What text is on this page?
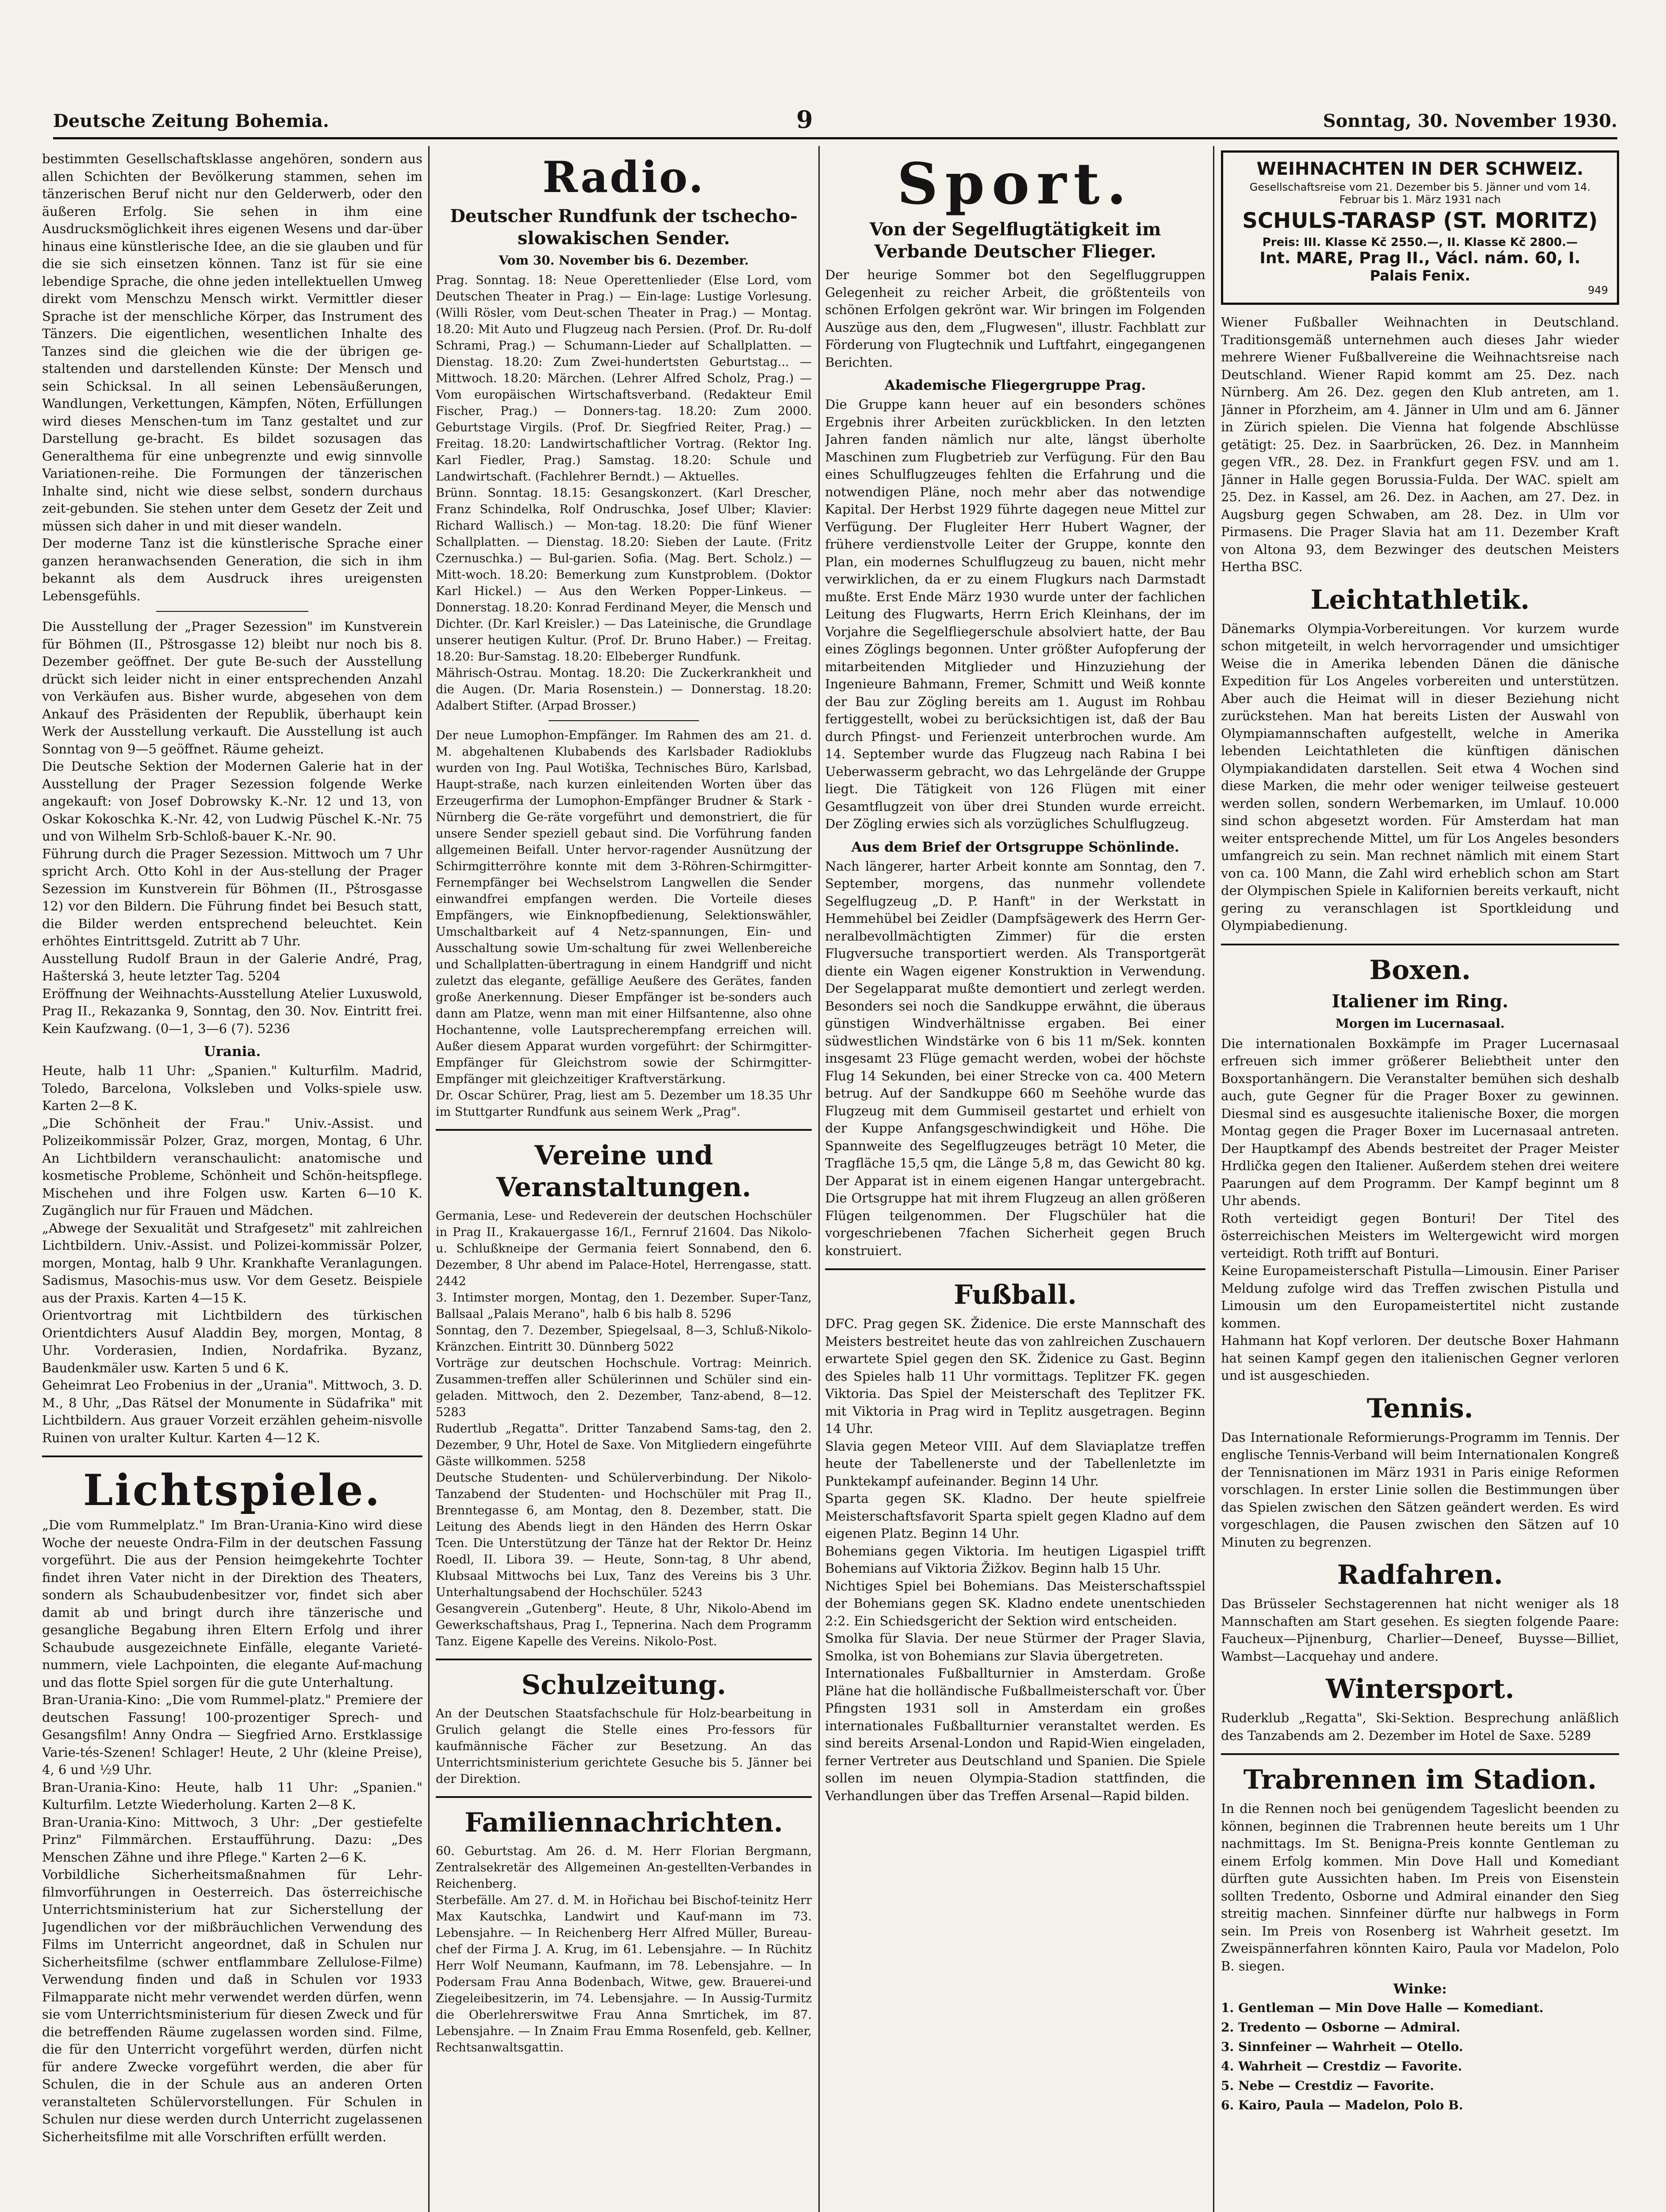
Deutsche Zeitung Bohemia.	9	Sonntag, 30. November 1930.

bestimmten Gesellschaftsklasse angehören, sondern aus allen Schichten der Bevölkerung stammen, sehen im tänzerischen Beruf nicht nur den Gelderwerb, oder den äußeren Erfolg. Sie sehen in ihm eine Ausdrucksmöglichkeit ihres eigenen Wesens und dar-über hinaus eine künstlerische Idee, an die sie glauben und für die sie sich einsetzen können. Tanz ist für sie eine lebendige Sprache, die ohne jeden intellektuellen Umweg direkt vom Menschzu Mensch wirkt. Vermittler dieser Sprache ist der menschliche Körper, das Instrument des Tänzers. Die eigentlichen, wesentlichen Inhalte des Tanzes sind die gleichen wie die der übrigen ge-staltenden und darstellenden Künste: Der Mensch und sein Schicksal. In all seinen Lebensäußerungen, Wandlungen, Verkettungen, Kämpfen, Nöten, Erfüllungen wird dieses Menschen-tum im Tanz gestaltet und zur Darstellung ge-bracht. Es bildet sozusagen das Generalthema für eine unbegrenzte und ewig sinnvolle Variationen-reihe. Die Formungen der tänzerischen Inhalte sind, nicht wie diese selbst, sondern durchaus zeit-gebunden. Sie stehen unter dem Gesetz der Zeit und müssen sich daher in und mit dieser wandeln.

Der moderne Tanz ist die künstlerische Sprache einer ganzen heranwachsenden Generation, die sich in ihm bekannt als dem Ausdruck ihres ureigensten Lebensgefühls.

Die Ausstellung der „Prager Sezession" im Kunstverein für Böhmen (II., Pštrosgasse 12) bleibt nur noch bis 8. Dezember geöffnet. Der gute Be-such der Ausstellung drückt sich leider nicht in einer entsprechenden Anzahl von Verkäufen aus. Bisher wurde, abgesehen von dem Ankauf des Präsidenten der Republik, überhaupt kein Werk der Ausstellung verkauft. Die Ausstellung ist auch Sonntag von 9—5 geöffnet. Räume geheizt.

Die Deutsche Sektion der Modernen Galerie hat in der Ausstellung der Prager Sezession folgende Werke angekauft: von Josef Dobrowsky K.-Nr. 12 und 13, von Oskar Kokoschka K.-Nr. 42, von Ludwig Püschel K.-Nr. 75 und von Wilhelm Srb-Schloß-bauer K.-Nr. 90.

Führung durch die Prager Sezession. Mittwoch um 7 Uhr spricht Arch. Otto Kohl in der Aus-stellung der Prager Sezession im Kunstverein für Böhmen (II., Pštrosgasse 12) vor den Bildern. Die Führung findet bei Besuch statt, die Bilder werden entsprechend beleuchtet. Kein erhöhtes Eintrittsgeld. Zutritt ab 7 Uhr.

Ausstellung Rudolf Braun in der Galerie André, Prag, Hašterská 3, heute letzter Tag. 5204

Eröffnung der Weihnachts-Ausstellung Atelier Luxuswold, Prag II., Rekazanka 9, Sonntag, den 30. Nov. Eintritt frei. Kein Kaufzwang. (0—1, 3—6 (7). 5236

Urania.

Heute, halb 11 Uhr: „Spanien." Kulturfilm. Madrid, Toledo, Barcelona, Volksleben und Volks-spiele usw. Karten 2—8 K.
„Die Schönheit der Frau." Univ.-Assist. und Polizeikommissär Polzer, Graz, morgen, Montag, 6 Uhr. An Lichtbildern veranschaulicht: anatomische und kosmetische Probleme, Schönheit und Schön-heitspflege. Mischehen und ihre Folgen usw. Karten 6—10 K. Zugänglich nur für Frauen und Mädchen.
„Abwege der Sexualität und Strafgesetz" mit zahlreichen Lichtbildern. Univ.-Assist. und Polizei-kommissär Polzer, morgen, Montag, halb 9 Uhr. Krankhafte Veranlagungen. Sadismus, Masochis-mus usw. Vor dem Gesetz. Beispiele aus der Praxis. Karten 4—15 K.
Orientvortrag mit Lichtbildern des türkischen Orientdichters Ausuf Aladdin Bey, morgen, Montag, 8 Uhr. Vorderasien, Indien, Nordafrika. Byzanz, Baudenkmäler usw. Karten 5 und 6 K.
Geheimrat Leo Frobenius in der „Urania". Mittwoch, 3. D. M., 8 Uhr, „Das Rätsel der Monumente in Südafrika" mit Lichtbildern. Aus grauer Vorzeit erzählen geheim-nisvolle Ruinen von uralter Kultur. Karten 4—12 K.

Lichtspiele.

„Die vom Rummelplatz." Im Bran-Urania-Kino wird diese Woche der neueste Ondra-Film in der deutschen Fassung vorgeführt. Die aus der Pension heimgekehrte Tochter findet ihren Vater nicht in der Direktion des Theaters, sondern als Schaubudenbesitzer vor, findet sich aber damit ab und bringt durch ihre tänzerische und gesangliche Begabung ihren Eltern Erfolg und ihrer Schaubude ausgezeichnete Einfälle, elegante Varieté-nummern, viele Lachpointen, die elegante Auf-machung und das flotte Spiel sorgen für die gute Unterhaltung.
Bran-Urania-Kino: „Die vom Rummel-platz." Premiere der deutschen Fassung! 100-prozentiger Sprech- und Gesangsfilm! Anny Ondra — Siegfried Arno. Erstklassige Varie-tés-Szenen! Schlager! Heute, 2 Uhr (kleine Preise), 4, 6 und ½9 Uhr.
Bran-Urania-Kino: Heute, halb 11 Uhr: „Spanien." Kulturfilm. Letzte Wiederholung. Karten 2—8 K.
Bran-Urania-Kino: Mittwoch, 3 Uhr: „Der gestiefelte Prinz" Filmmärchen. Erstaufführung. Dazu: „Des Menschen Zähne und ihre Pflege." Karten 2—6 K.
Vorbildliche Sicherheitsmaßnahmen für Lehr-filmvorführungen in Oesterreich. Das österreichische Unterrichtsministerium hat zur Sicherstellung der Jugendlichen vor der mißbräuchlichen Verwendung des Films im Unterricht angeordnet, daß in Schulen nur Sicherheitsfilme (schwer entflammbare Zellulose-Filme) Verwendung finden und daß in Schulen vor 1933 Filmapparate nicht mehr verwendet werden dürfen, wenn sie vom Unterrichtsministerium für diesen Zweck und für die betreffenden Räume zugelassen worden sind. Filme, die für den Unterricht vorgeführt werden, dürfen nicht für andere Zwecke vorgeführt werden, die aber für Schulen, die in der Schule aus an anderen Orten veranstalteten Schülervorstellungen. Für Schulen in Schulen nur diese werden durch Unterricht zugelassenen Sicherheitsfilme mit alle Vorschriften erfüllt werden.

Radio.
Deutscher Rundfunk der tschecho-slowakischen Sender.
Vom 30. November bis 6. Dezember.

Prag. Sonntag. 18: Neue Operettenlieder (Else Lord, vom Deutschen Theater in Prag.) — Ein-lage: Lustige Vorlesung. (Willi Rösler, vom Deut-schen Theater in Prag.) — Montag. 18.20: Mit Auto und Flugzeug nach Persien. (Prof. Dr. Ru-dolf Schrami, Prag.) — Schumann-Lieder auf Schallplatten. — Dienstag. 18.20: Zum Zwei-hundertsten Geburtstag... — Mittwoch. 18.20: Märchen. (Lehrer Alfred Scholz, Prag.) — Vom europäischen Wirtschaftsverband. (Redakteur Emil Fischer, Prag.) — Donners-tag. 18.20: Zum 2000. Geburtstage Virgils. (Prof. Dr. Siegfried Reiter, Prag.) — Freitag. 18.20: Landwirtschaftlicher Vortrag. (Rektor Ing. Karl Fiedler, Prag.) Samstag. 18.20: Schule und Landwirtschaft. (Fachlehrer Berndt.) — Aktuelles.

Brünn. Sonntag. 18.15: Gesangskonzert. (Karl Drescher, Franz Schindelka, Rolf Ondruschka, Josef Ulber; Klavier: Richard Wallisch.) — Mon-tag. 18.20: Die fünf Wiener Schallplatten. — Dienstag. 18.20: Sieben der Laute. (Fritz Czernuschka.) — Bul-garien. Sofia. (Mag. Bert. Scholz.) — Mitt-woch. 18.20: Bemerkung zum Kunstproblem. (Doktor Karl Hickel.) — Aus den Werken Popper-Linkeus. — Donnerstag. 18.20: Konrad Ferdinand Meyer, die Mensch und Dichter. (Dr. Karl Kreisler.) — Das Lateinische, die Grundlage unserer heutigen Kultur. (Prof. Dr. Bruno Haber.) — Freitag. 18.20: Bur-Samstag. 18.20: Elbeberger Rundfunk.

Mährisch-Ostrau. Montag. 18.20: Die Zuckerkrankheit und die Augen. (Dr. Maria Rosenstein.) — Donnerstag. 18.20: Adalbert Stifter. (Arpad Brosser.)

Der neue Lumophon-Empfänger. Im Rahmen des am 21. d. M. abgehaltenen Klubabends des Karlsbader Radioklubs wurden von Ing. Paul Wotiška, Technisches Büro, Karlsbad, Haupt-straße, nach kurzen einleitenden Worten über das Erzeugerfirma der Lumophon-Empfänger Brudner & Stark - Nürnberg die Ge-räte vorgeführt und demonstriert, die für unsere Sender speziell gebaut sind. Die Vorführung fanden allgemeinen Beifall. Unter hervor-ragender Ausnützung der Schirmgitterröhre konnte mit dem 3-Röhren-Schirmgitter-Fernempfänger bei Wechselstrom Langwellen die Sender einwandfrei empfangen werden. Die Vorteile dieses Empfängers, wie Einknopfbedienung, Selektionswähler, Umschaltbarkeit auf 4 Netz-spannungen, Ein- und Ausschaltung sowie Um-schaltung für zwei Wellenbereiche und Schallplatten-übertragung in einem Handgriff und nicht zuletzt das elegante, gefällige Aeußere des Gerätes, fanden große Anerkennung. Dieser Empfänger ist be-sonders auch dann am Platze, wenn man mit einer Hilfsantenne, also ohne Hochantenne, volle Lautsprecherempfang erreichen will. Außer diesem Apparat wurden vorgeführt: der Schirmgitter-Empfänger für Gleichstrom sowie der Schirmgitter-Empfänger mit gleichzeitiger Kraftverstärkung.

Dr. Oscar Schürer, Prag, liest am 5. Dezember um 18.35 Uhr im Stuttgarter Rundfunk aus seinem Werk „Prag".

Vereine und Veranstaltungen.

Germania, Lese- und Redeverein der deutschen Hochschüler in Prag II., Krakauergasse 16/I., Fernruf 21604. Das Nikolo- u. Schlußkneipe der Germania feiert Sonnabend, den 6. Dezember, 8 Uhr abend im Palace-Hotel, Herrengasse, statt. 2442
3. Intimster morgen, Montag, den 1. Dezember. Super-Tanz, Ballsaal „Palais Merano", halb 6 bis halb 8. 5296
Sonntag, den 7. Dezember, Spiegelsaal, 8—3, Schluß-Nikolo-Kränzchen. Eintritt 30. Dünnberg 5022
Vorträge zur deutschen Hochschule. Vortrag: Meinrich. Zusammen-treffen aller Schülerinnen und Schüler sind ein-geladen. Mittwoch, den 2. Dezember, Tanz-abend, 8—12. 5283
Rudertlub „Regatta". Dritter Tanzabend Sams-tag, den 2. Dezember, 9 Uhr, Hotel de Saxe. Von Mitgliedern eingeführte Gäste willkommen. 5258
Deutsche Studenten- und Schülerverbindung. Der Nikolo- Tanzabend der Studenten- und Hochschüler mit Prag II., Brenntegasse 6, am Montag, den 8. Dezember, statt. Die Leitung des Abends liegt in den Händen des Herrn Oskar Tcen. Die Unterstützung der Tänze hat der Rektor Dr. Heinz Roedl, II. Libora 39. — Heute, Sonn-tag, 8 Uhr abend, Klubsaal Mittwochs bei Lux, Tanz des Vereins bis 3 Uhr. Unterhaltungsabend der Hochschüler. 5243
Gesangverein „Gutenberg". Heute, 8 Uhr, Nikolo-Abend im Gewerkschaftshaus, Prag I., Tepnerina. Nach dem Programm Tanz. Eigene Kapelle des Vereins. Nikolo-Post.

Schulzeitung.

An der Deutschen Staatsfachschule für Holz-bearbeitung in Grulich gelangt die Stelle eines Pro-fessors für kaufmännische Fächer zur Besetzung. An das Unterrichtsministerium gerichtete Gesuche bis 5. Jänner bei der Direktion.

Familiennachrichten.

60. Geburtstag. Am 26. d. M. Herr Florian Bergmann, Zentralsekretär des Allgemeinen An-gestellten-Verbandes in Reichenberg.
Sterbefälle. Am 27. d. M. in Hořichau bei Bischof-teinitz Herr Max Kautschka, Landwirt und Kauf-mann im 73. Lebensjahre. — In Reichenberg Herr Alfred Müller, Bureau-chef der Firma J. A. Krug, im 61. Lebensjahre. — In Rüchitz Herr Wolf Neumann, Kaufmann, im 78. Lebensjahre. — In Podersam Frau Anna Bodenbach, Witwe, gew. Brauerei-und Ziegeleibesitzerin, im 74. Lebensjahre. — In Aussig-Turmitz die Oberlehrerswitwe Frau Anna Smrtichek, im 87. Lebensjahre. — In Znaim Frau Emma Rosenfeld, geb. Kellner, Rechtsanwaltsgattin.

Sport.
Von der Segelflugtätigkeit im Verbande Deutscher Flieger.

Der heurige Sommer bot den Segelfluggruppen Gelegenheit zu reicher Arbeit, die größtenteils von schönen Erfolgen gekrönt war. Wir bringen im Folgenden Auszüge aus den, dem „Flugwesen", illustr. Fachblatt zur Förderung von Flugtechnik und Luftfahrt, eingegangenen Berichten.

Akademische Fliegergruppe Prag.

Die Gruppe kann heuer auf ein besonders schönes Ergebnis ihrer Arbeiten zurückblicken. In den letzten Jahren fanden nämlich nur alte, längst überholte Maschinen zum Flugbetrieb zur Verfügung. Für den Bau eines Schulflugzeuges fehlten die Erfahrung und die notwendigen Pläne, noch mehr aber das notwendige Kapital. Der Herbst 1929 führte dagegen neue Mittel zur Verfügung. Der Flugleiter Herr Hubert Wagner, der frühere verdienstvolle Leiter der Gruppe, konnte den Plan, ein modernes Schulflugzeug zu bauen, nicht mehr verwirklichen, da er zu einem Flugkurs nach Darmstadt mußte. Erst Ende März 1930 wurde unter der fachlichen Leitung des Flugwarts, Herrn Erich Kleinhans, der im Vorjahre die Segelfliegerschule absolviert hatte, der Bau eines Zöglings begonnen. Unter größter Aufopferung der mitarbeitenden Mitglieder und Hinzuziehung der Ingenieure Bahmann, Fremer, Schmitt und Weiß konnte der Bau zur Zögling bereits am 1. August im Rohbau fertiggestellt, wobei zu berücksichtigen ist, daß der Bau durch Pfingst- und Ferienzeit unterbrochen wurde. Am 14. September wurde das Flugzeug nach Rabina I bei Ueberwasserm gebracht, wo das Lehrgelände der Gruppe liegt. Die Tätigkeit von 126 Flügen mit einer Gesamtflugzeit von über drei Stunden wurde erreicht. Der Zögling erwies sich als vorzügliches Schulflugzeug.

Aus dem Brief der Ortsgruppe Schönlinde.

Nach längerer, harter Arbeit konnte am Sonntag, den 7. September, morgens, das nunmehr vollendete Segelflugzeug „D. P. Hanft" in der Werkstatt in Hemmehübel bei Zeidler (Dampfsägewerk des Herrn Ger-neralbevollmächtigten Zimmer) für die ersten Flugversuche transportiert werden. Als Transportgerät diente ein Wagen eigener Konstruktion in Verwendung. Der Segelapparat mußte demontiert und zerlegt werden. Besonders sei noch die Sandkuppe erwähnt, die überaus günstigen Windverhältnisse ergaben. Bei einer südwestlichen Windstärke von 6 bis 11 m/Sek. konnten insgesamt 23 Flüge gemacht werden, wobei der höchste Flug 14 Sekunden, bei einer Strecke von ca. 400 Metern betrug. Auf der Sandkuppe 660 m Seehöhe wurde das Flugzeug mit dem Gummiseil gestartet und erhielt von der Kuppe Anfangsgeschwindigkeit und Höhe. Die Spannweite des Segelflugzeuges beträgt 10 Meter, die Tragfläche 15,5 qm, die Länge 5,8 m, das Gewicht 80 kg. Der Apparat ist in einem eigenen Hangar untergebracht. Die Ortsgruppe hat mit ihrem Flugzeug an allen größeren Flügen teilgenommen. Der Flugschüler hat die vorgeschriebenen 7fachen Sicherheit gegen Bruch konstruiert.

Fußball.

DFC. Prag gegen SK. Židenice. Die erste Mannschaft des Meisters bestreitet heute das von zahlreichen Zuschauern erwartete Spiel gegen den SK. Židenice zu Gast. Beginn des Spieles halb 11 Uhr vormittags. Teplitzer FK. gegen Viktoria. Das Spiel der Meisterschaft des Teplitzer FK. mit Viktoria in Prag wird in Teplitz ausgetragen. Beginn 14 Uhr.
Slavia gegen Meteor VIII. Auf dem Slaviaplatze treffen heute der Tabellenerste und der Tabellenletzte im Punktekampf aufeinander. Beginn 14 Uhr.
Sparta gegen SK. Kladno. Der heute spielfreie Meisterschaftsfavorit Sparta spielt gegen Kladno auf dem eigenen Platz. Beginn 14 Uhr.
Bohemians gegen Viktoria. Im heutigen Ligaspiel trifft Bohemians auf Viktoria Žižkov. Beginn halb 15 Uhr.
Nichtiges Spiel bei Bohemians. Das Meisterschaftsspiel der Bohemians gegen SK. Kladno endete unentschieden 2:2. Ein Schiedsgericht der Sektion wird entscheiden.
Smolka für Slavia. Der neue Stürmer der Prager Slavia, Smolka, ist von Bohemians zur Slavia übergetreten.
Internationales Fußballturnier in Amsterdam. Große Pläne hat die holländische Fußballmeisterschaft vor. Über Pfingsten 1931 soll in Amsterdam ein großes internationales Fußballturnier veranstaltet werden. Es sind bereits Arsenal-London und Rapid-Wien eingeladen, ferner Vertreter aus Deutschland und Spanien. Die Spiele sollen im neuen Olympia-Stadion stattfinden, die Verhandlungen über das Treffen Arsenal—Rapid bilden.

WEIHNACHTEN IN DER SCHWEIZ.
Gesellschaftsreise vom 21. Dezember bis 5. Jänner und vom 14. Februar bis 1. März 1931 nach
SCHULS-TARASP (ST. MORITZ)
Preis: III. Klasse Kč 2550.—, II. Klasse Kč 2800.—
Int. MARE, Prag II., Václ. nám. 60, I.
Palais Fenix.
949

Wiener Fußballer Weihnachten in Deutschland. Traditionsgemäß unternehmen auch dieses Jahr wieder mehrere Wiener Fußballvereine die Weihnachtsreise nach Deutschland. Wiener Rapid kommt am 25. Dez. nach Nürnberg. Am 26. Dez. gegen den Klub antreten, am 1. Jänner in Pforzheim, am 4. Jänner in Ulm und am 6. Jänner in Zürich spielen. Die Vienna hat folgende Abschlüsse getätigt: 25. Dez. in Saarbrücken, 26. Dez. in Mannheim gegen VfR., 28. Dez. in Frankfurt gegen FSV. und am 1. Jänner in Halle gegen Borussia-Fulda. Der WAC. spielt am 25. Dez. in Kassel, am 26. Dez. in Aachen, am 27. Dez. in Augsburg gegen Schwaben, am 28. Dez. in Ulm vor Pirmasens. Die Prager Slavia hat am 11. Dezember Kraft von Altona 93, dem Bezwinger des deutschen Meisters Hertha BSC.

Leichtathletik.

Dänemarks Olympia-Vorbereitungen. Vor kurzem wurde schon mitgeteilt, in welch hervorragender und umsichtiger Weise die in Amerika lebenden Dänen die dänische Expedition für Los Angeles vorbereiten und unterstützen. Aber auch die Heimat will in dieser Beziehung nicht zurückstehen. Man hat bereits Listen der Auswahl von Olympiamannschaften aufgestellt, welche in Amerika lebenden Leichtathleten die künftigen dänischen Olympiakandidaten darstellen. Seit etwa 4 Wochen sind diese Marken, die mehr oder weniger teilweise gesteuert werden sollen, sondern Werbemarken, im Umlauf. 10.000 sind schon abgesetzt worden. Für Amsterdam hat man weiter entsprechende Mittel, um für Los Angeles besonders umfangreich zu sein. Man rechnet nämlich mit einem Start von ca. 100 Mann, die Zahl wird erheblich schon am Start der Olympischen Spiele in Kalifornien bereits verkauft, nicht gering zu veranschlagen ist Sportkleidung und Olympiabedienung.

Boxen.
Italiener im Ring.
Morgen im Lucernasaal.

Die internationalen Boxkämpfe im Prager Lucernasaal erfreuen sich immer größerer Beliebtheit unter den Boxsportanhängern. Die Veranstalter bemühen sich deshalb auch, gute Gegner für die Prager Boxer zu gewinnen. Diesmal sind es ausgesuchte italienische Boxer, die morgen Montag gegen die Prager Boxer im Lucernasaal antreten. Der Hauptkampf des Abends bestreitet der Prager Meister Hrdlička gegen den Italiener. Außerdem stehen drei weitere Paarungen auf dem Programm. Der Kampf beginnt um 8 Uhr abends.

Roth verteidigt gegen Bonturi! Der Titel des österreichischen Meisters im Weltergewicht wird morgen verteidigt. Roth trifft auf Bonturi.
Keine Europameisterschaft Pistulla—Limousin. Einer Pariser Meldung zufolge wird das Treffen zwischen Pistulla und Limousin um den Europameistertitel nicht zustande kommen.
Hahmann hat Kopf verloren. Der deutsche Boxer Hahmann hat seinen Kampf gegen den italienischen Gegner verloren und ist ausgeschieden.

Tennis.

Das Internationale Reformierungs-Programm im Tennis. Der englische Tennis-Verband will beim Internationalen Kongreß der Tennisnationen im März 1931 in Paris einige Reformen vorschlagen. In erster Linie sollen die Bestimmungen über das Spielen zwischen den Sätzen geändert werden. Es wird vorgeschlagen, die Pausen zwischen den Sätzen auf 10 Minuten zu begrenzen.

Radfahren.

Das Brüsseler Sechstagerennen hat nicht weniger als 18 Mannschaften am Start gesehen. Es siegten folgende Paare: Faucheux—Pijnenburg, Charlier—Deneef, Buysse—Billiet, Wambst—Lacquehay und andere.

Wintersport.

Ruderklub „Regatta", Ski-Sektion. Besprechung anläßlich des Tanzabends am 2. Dezember im Hotel de Saxe. 5289

Trabrennen im Stadion.

In die Rennen noch bei genügendem Tageslicht beenden zu können, beginnen die Trabrennen heute bereits um 1 Uhr nachmittags. Im St. Benigna-Preis konnte Gentleman zu einem Erfolg kommen. Min Dove Hall und Komediant dürften gute Aussichten haben. Im Preis von Eisenstein sollten Tredento, Osborne und Admiral einander den Sieg streitig machen. Sinnfeiner dürfte nur halbwegs in Form sein. Im Preis von Rosenberg ist Wahrheit gesetzt. Im Zweispännerfahren könnten Kairo, Paula vor Madelon, Polo B. siegen.

Winke:
1. Gentleman — Min Dove Halle — Komediant.
2. Tredento — Osborne — Admiral.
3. Sinnfeiner — Wahrheit — Otello.
4. Wahrheit — Crestdiz — Favorite.
5. Nebe — Crestdiz — Favorite.
6. Kairo, Paula — Madelon, Polo B.
